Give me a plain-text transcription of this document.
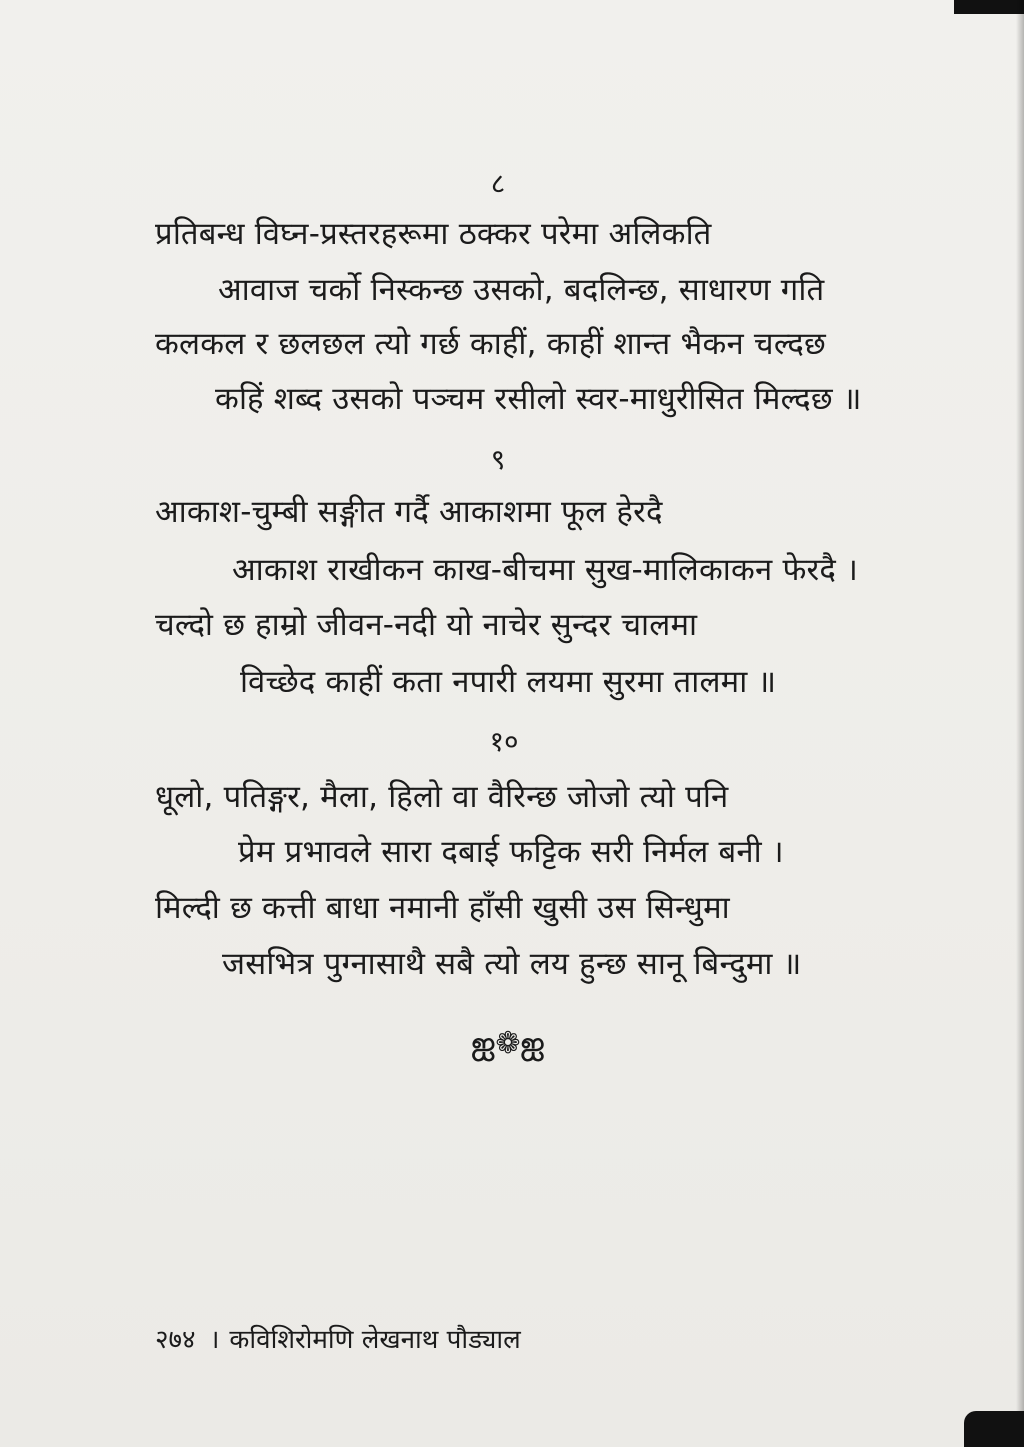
८
प्रतिबन्ध विघ्न-प्रस्तरहरूमा ठक्कर परेमा अलिकति
आवाज चर्को निस्कन्छ उसको, बदलिन्छ, साधारण गति
कलकल र छलछल त्यो गर्छ काहीं, काहीं शान्त भैकन चल्दछ
कहिं शब्द उसको पञ्चम रसीलो स्वर-माधुरीसित मिल्दछ ॥
९
आकाश-चुम्बी सङ्गीत गर्दै आकाशमा फूल हेरदै
आकाश राखीकन काख-बीचमा सुख-मालिकाकन फेरदै ।
चल्दो छ हाम्रो जीवन-नदी यो नाचेर सुन्दर चालमा
विच्छेद काहीं कता नपारी लयमा सुरमा तालमा ॥
१०
धूलो, पतिङ्गर, मैला, हिलो वा वैरिन्छ जोजो त्यो पनि
प्रेम प्रभावले सारा दबाई फट्टिक सरी निर्मल बनी ।
मिल्दी छ कत्ती बाधा नमानी हाँसी खुसी उस सिन्धुमा
जसभित्र पुग्नासाथै सबै त्यो लय हुन्छ सानू बिन्दुमा ॥
ஐ❁ஐ
२७४ । कविशिरोमणि लेखनाथ पौड्याल
